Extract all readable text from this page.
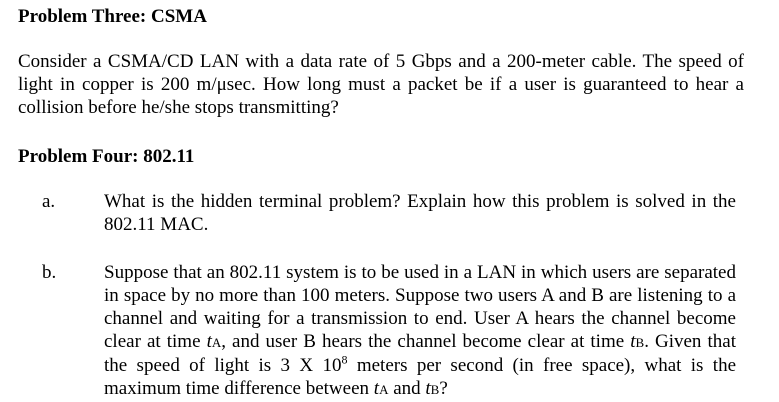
Problem Three: CSMA

Consider a CSMA/CD LAN with a data rate of 5 Gbps and a 200-meter cable. The speed of light in copper is 200 m/μsec. How long must a packet be if a user is guaranteed to hear a collision before he/she stops transmitting?

Problem Four: 802.11
a.	What is the hidden terminal problem? Explain how this problem is solved in the 802.11 MAC.

b.	Suppose that an 802.11 system is to be used in a LAN in which users are separated in space by no more than 100 meters. Suppose two users A and B are listening to a channel and waiting for a transmission to end. User A hears the channel become clear at time tA, and user B hears the channel become clear at time tB. Given that the speed of light is 3 X $10^8$ meters per second (in free space), what is the maximum time difference between tA and tB?
